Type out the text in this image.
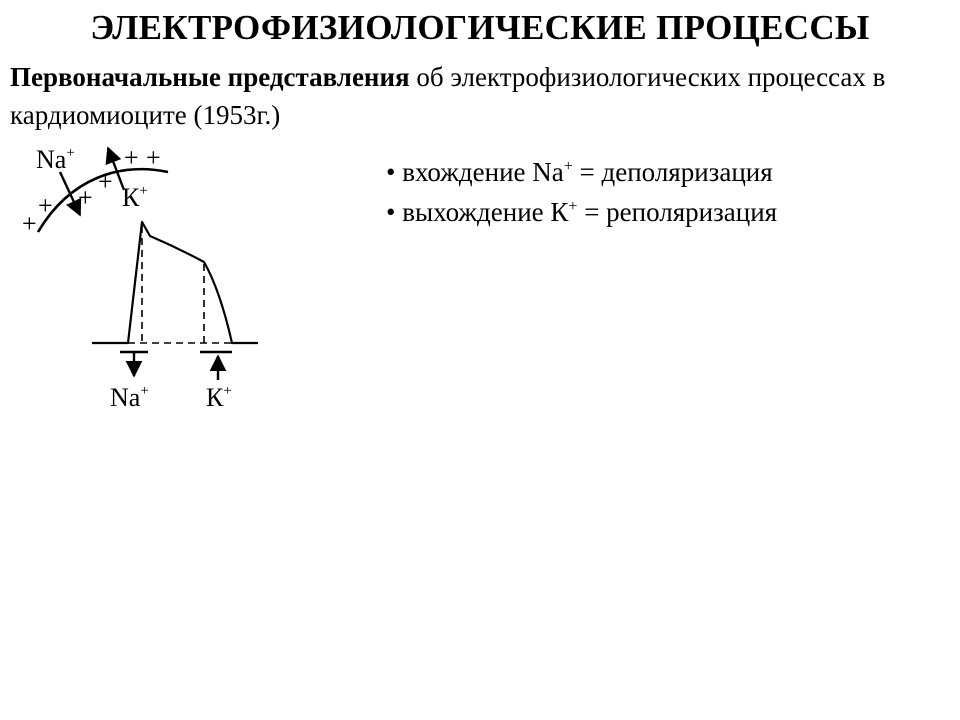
ЭЛЕКТРОФИЗИОЛОГИЧЕСКИЕ ПРОЦЕССЫ
Первоначальные представления об электрофизиологических процессах в кардиомиоците (1953г.)
Na+
К+
+ +
+
+
+
+
Na+ К+
• вхождение Na+ = деполяризация
• выхождение К+ = реполяризация
